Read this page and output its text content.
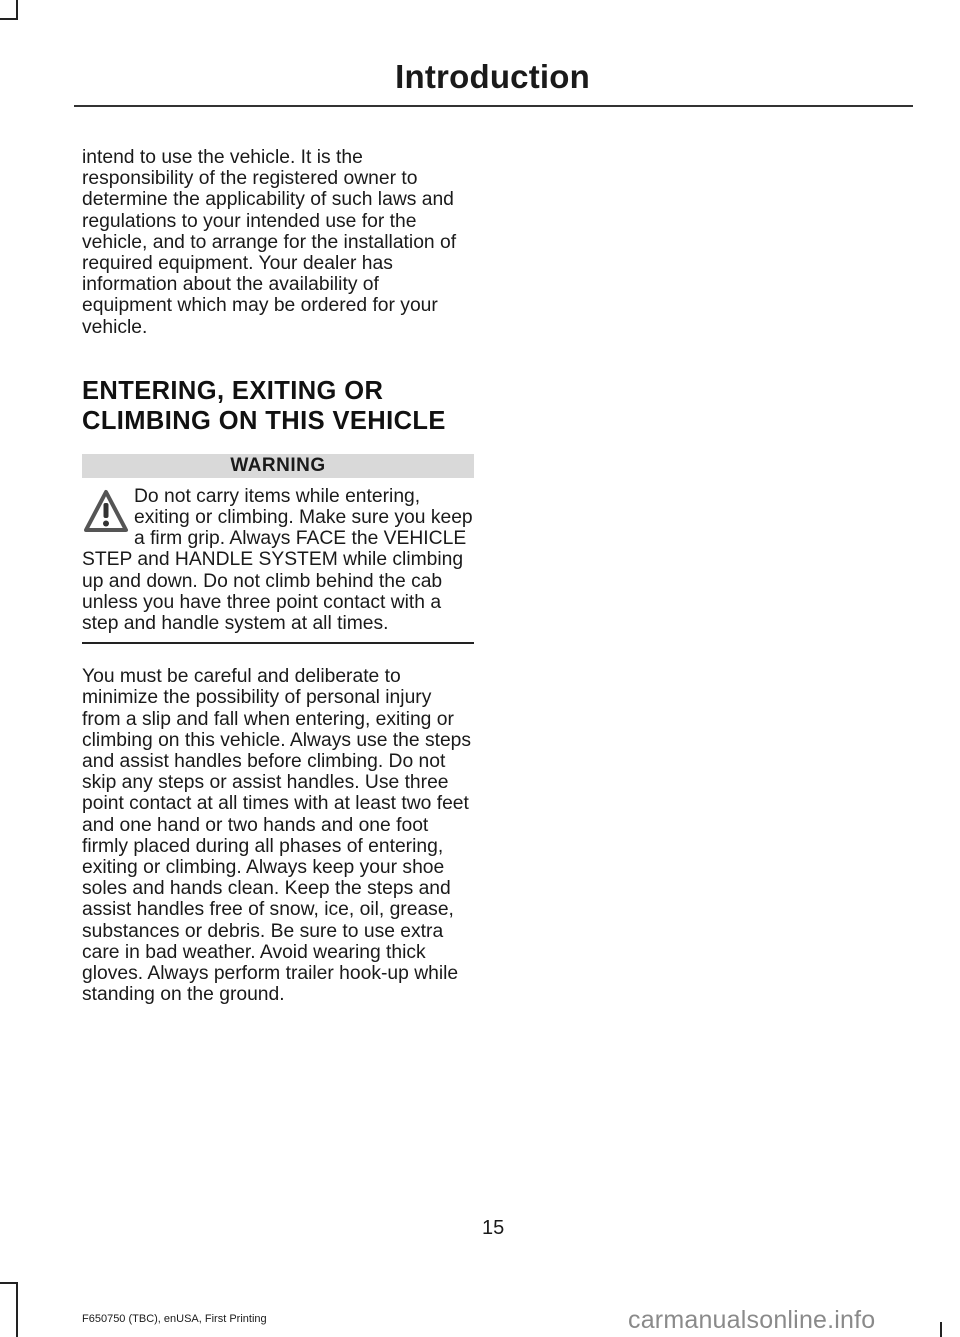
Introduction

intend to use the vehicle. It is the responsibility of the registered owner to determine the applicability of such laws and regulations to your intended use for the vehicle, and to arrange for the installation of required equipment. Your dealer has information about the availability of equipment which may be ordered for your vehicle.

ENTERING, EXITING OR
CLIMBING ON THIS VEHICLE
WARNING

Do not carry items while entering, exiting or climbing. Make sure you keep a firm grip. Always FACE the VEHICLE STEP and HANDLE SYSTEM while climbing up and down. Do not climb behind the cab unless you have three point contact with a step and handle system at all times.

You must be careful and deliberate to minimize the possibility of personal injury from a slip and fall when entering, exiting or climbing on this vehicle. Always use the steps and assist handles before climbing. Do not skip any steps or assist handles. Use three point contact at all times with at least two feet and one hand or two hands and one foot firmly placed during all phases of entering, exiting or climbing. Always keep your shoe soles and hands clean. Keep the steps and assist handles free of snow, ice, oil, grease, substances or debris. Be sure to use extra care in bad weather. Avoid wearing thick gloves. Always perform trailer hook-up while standing on the ground.

15
F650750 (TBC), enUSA, First Printing	carmanualsonline.info
